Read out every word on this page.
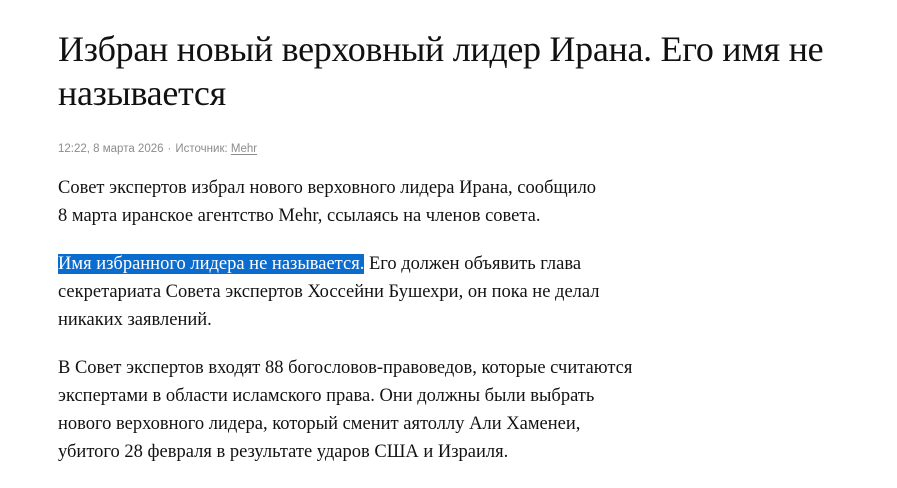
Избран новый верховный лидер Ирана. Его имя не называется
12:22, 8 марта 2026 · Источник: Mehr

Совет экспертов избрал нового верховного лидера Ирана, сообщило
8 марта иранское агентство Mehr, ссылаясь на членов совета.

Имя избранного лидера не называется. Его должен объявить глава
секретариата Совета экспертов Хоссейни Бушехри, он пока не делал
никаких заявлений.

В Совет экспертов входят 88 богословов-правоведов, которые считаются
экспертами в области исламского права. Они должны были выбрать
нового верховного лидера, который сменит аятоллу Али Хаменеи,
убитого 28 февраля в результате ударов США и Израиля.
